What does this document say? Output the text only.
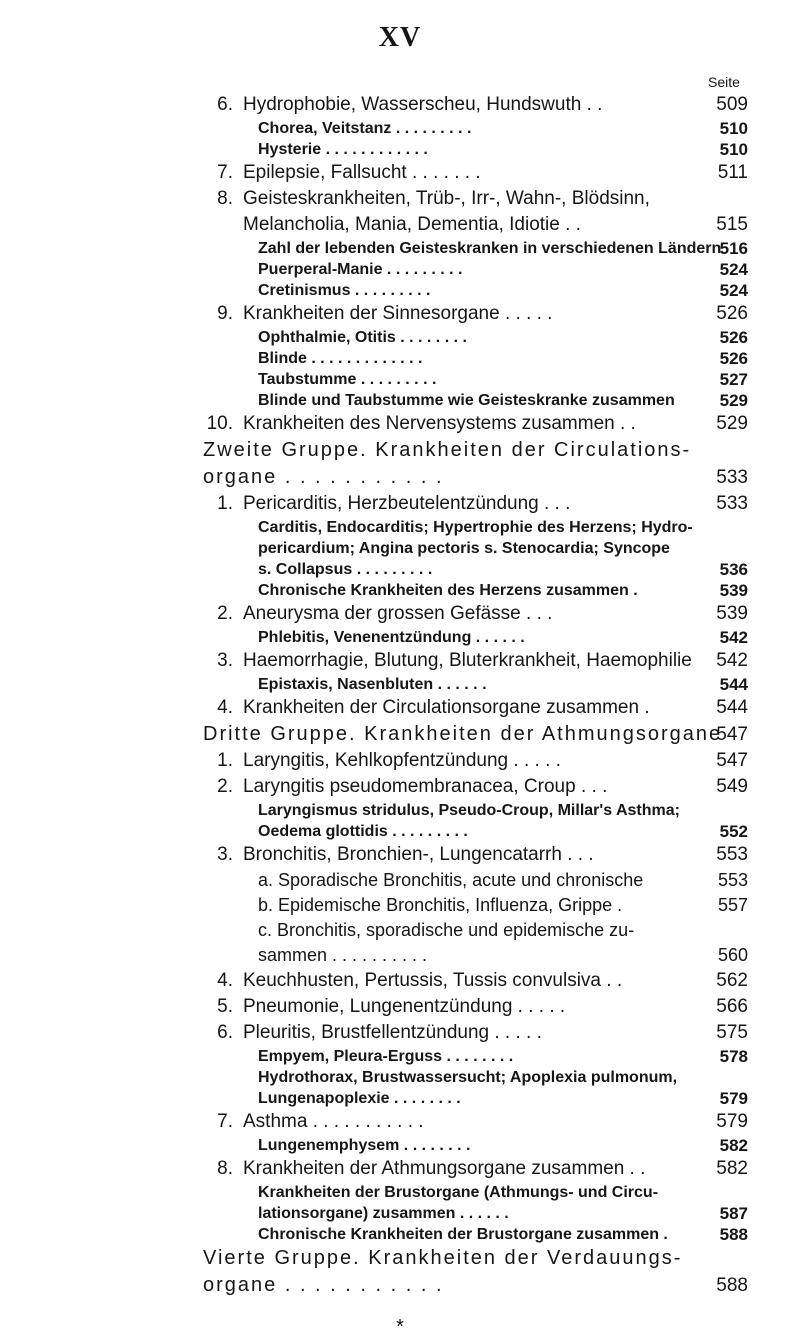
XV
Seite
6. Hydrophobie, Wasserscheu, Hundswuth . .	509
Chorea, Veitstanz . . . . . . . . .	510
Hysterie . . . . . . . . . . . .	510
7. Epilepsie, Fallsucht . . . . . . .	511
8. Geisteskrankheiten, Trüb-, Irr-, Wahn-, Blödsinn,
Melancholia, Mania, Dementia, Idiotie . .	515
Zahl der lebenden Geisteskranken in verschiedenen Ländern
516
Puerperal-Manie . . . . . . . . .	524
Cretinismus . . . . . . . . .	524
9. Krankheiten der Sinnesorgane . . . . .	526
Ophthalmie, Otitis . . . . . . . .	526
Blinde . . . . . . . . . . . . .	526
Taubstumme . . . . . . . . .	527
Blinde und Taubstumme wie Geisteskranke zusammen	529
10. Krankheiten des Nervensystems zusammen . .	529
Zweite Gruppe. Krankheiten der Circulations-
organe . . . . . . . . . . .	533
1. Pericarditis, Herzbeutelentzündung . . .	533
Carditis, Endocarditis; Hypertrophie des Herzens; Hydro-
pericardium; Angina pectoris s. Stenocardia; Syncope
s. Collapsus . . . . . . . . .	536
Chronische Krankheiten des Herzens zusammen .	539
2. Aneurysma der grossen Gefässe . . .	539
Phlebitis, Venenentzündung . . . . . .	542
3. Haemorrhagie, Blutung, Bluterkrankheit, Haemophilie	542
Epistaxis, Nasenbluten . . . . . .	544
4. Krankheiten der Circulationsorgane zusammen .	544
Dritte Gruppe. Krankheiten der Athmungsorgane
547
1. Laryngitis, Kehlkopfentzündung . . . . .	547
2. Laryngitis pseudomembranacea, Croup . . .	549
Laryngismus stridulus, Pseudo-Croup, Millar's Asthma;
Oedema glottidis . . . . . . . . .	552
3. Bronchitis, Bronchien-, Lungencatarrh . . .	553
a. Sporadische Bronchitis, acute und chronische	553
b. Epidemische Bronchitis, Influenza, Grippe .	557
c. Bronchitis, sporadische und epidemische zu-
sammen . . . . . . . . . .	560
4. Keuchhusten, Pertussis, Tussis convulsiva . .	562
5. Pneumonie, Lungenentzündung . . . . .	566
6. Pleuritis, Brustfellentzündung . . . . .	575
Empyem, Pleura-Erguss . . . . . . . .	578
Hydrothorax, Brustwassersucht; Apoplexia pulmonum,
Lungenapoplexie . . . . . . . .	579
7. Asthma . . . . . . . . . . .	579
Lungenemphysem . . . . . . . .	582
8. Krankheiten der Athmungsorgane zusammen . .	582
Krankheiten der Brustorgane (Athmungs- und Circu-
lationsorgane) zusammen . . . . . .	587
Chronische Krankheiten der Brustorgane zusammen .	588
Vierte Gruppe. Krankheiten der Verdauungs-
organe . . . . . . . . . . .	588
*
